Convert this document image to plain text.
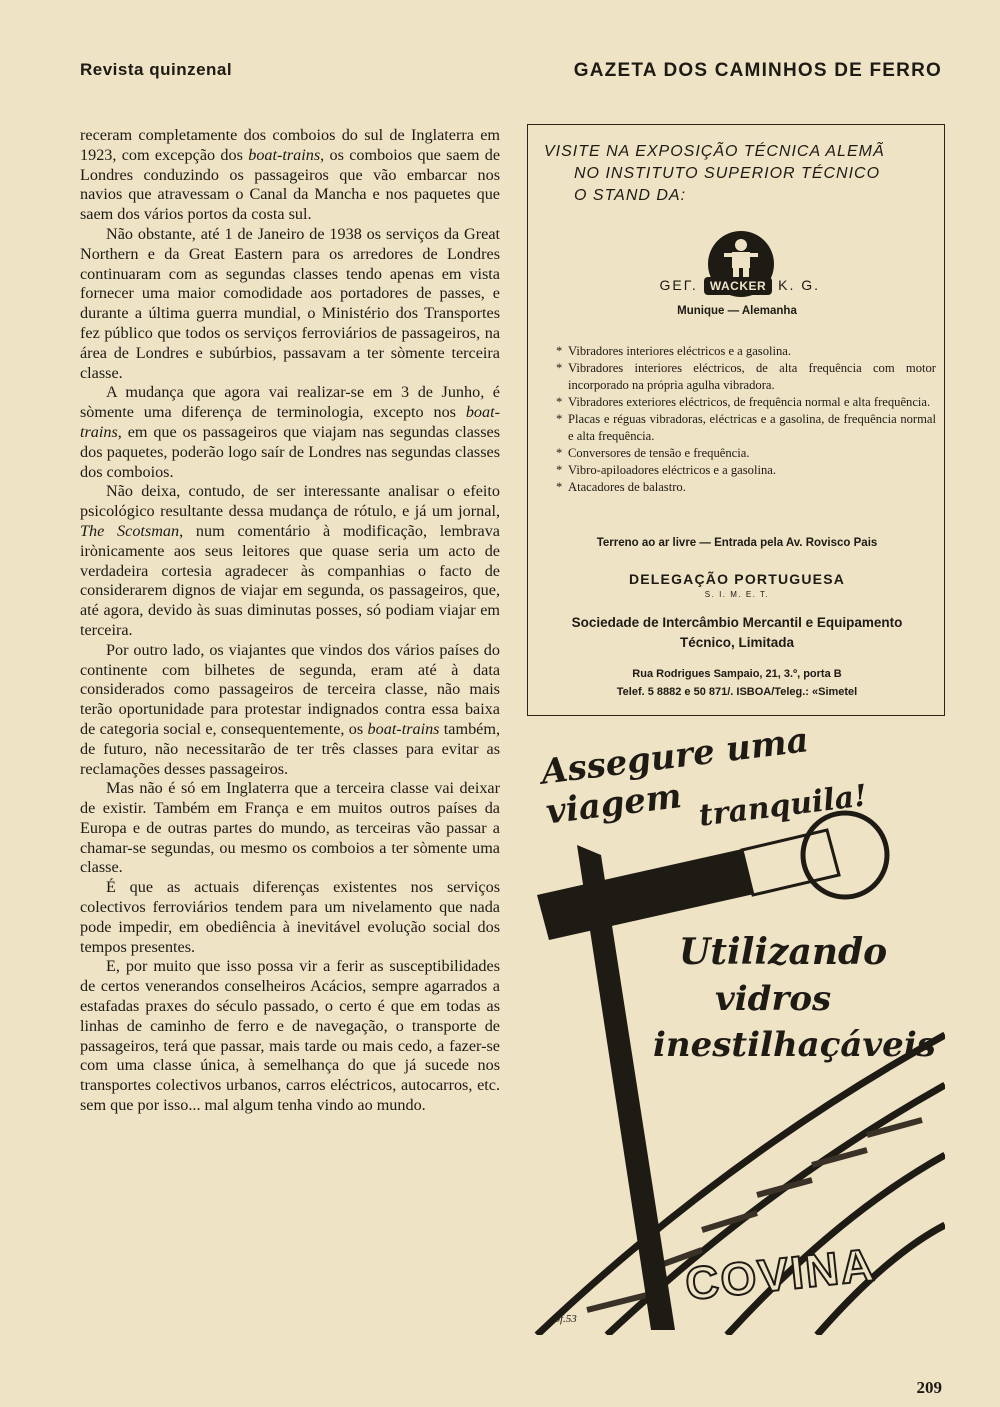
Revista quinzenal	GAZETA DOS CAMINHOS DE FERRO

receram completamente dos comboios do sul de Inglaterra em 1923, com excepção dos boat-trains, os comboios que saem de Londres conduzindo os passageiros que vão embarcar nos navios que atravessam o Canal da Mancha e nos paquetes que saem dos vários portos da costa sul.

Não obstante, até 1 de Janeiro de 1938 os serviços da Great Northern e da Great Eastern para os arredores de Londres continuaram com as segundas classes tendo apenas em vista fornecer uma maior comodidade aos portadores de passes, e durante a última guerra mundial, o Ministério dos Transportes fez público que todos os serviços ferroviários de passageiros, na área de Londres e subúrbios, passavam a ter sòmente terceira classe.

A mudança que agora vai realizar-se em 3 de Junho, é sòmente uma diferença de terminologia, excepto nos boat-trains, em que os passageiros que viajam nas segundas classes dos paquetes, poderão logo saír de Londres nas segundas classes dos comboios.

Não deixa, contudo, de ser interessante analisar o efeito psicológico resultante dessa mudança de rótulo, e já um jornal, The Scotsman, num comentário à modificação, lembrava irònicamente aos seus leitores que quase seria um acto de verdadeira cortesia agradecer às companhias o facto de considerarem dignos de viajar em segunda, os passageiros, que, até agora, devido às suas diminutas posses, só podiam viajar em terceira.

Por outro lado, os viajantes que vindos dos vários países do continente com bilhetes de segunda, eram até à data considerados como passageiros de terceira classe, não mais terão oportunidade para protestar indignados contra essa baixa de categoria social e, consequentemente, os boat-trains também, de futuro, não necessitarão de ter três classes para evitar as reclamações desses passageiros.

Mas não é só em Inglaterra que a terceira classe vai deixar de existir. Também em França e em muitos outros países da Europa e de outras partes do mundo, as terceiras vão passar a chamar-se segundas, ou mesmo os comboios a ter sòmente uma classe.

É que as actuais diferenças existentes nos serviços colectivos ferroviários tendem para um nivelamento que nada pode impedir, em obediência à inevitável evolução social dos tempos presentes.

E, por muito que isso possa vir a ferir as susceptibilidades de certos venerandos conselheiros Acácios, sempre agarrados a estafadas praxes do século passado, o certo é que em todas as linhas de caminho de ferro e de navegação, o transporte de passageiros, terá que passar, mais tarde ou mais cedo, a fazer-se com uma classe única, à semelhança do que já sucede nos transportes colectivos urbanos, carros eléctricos, autocarros, etc. sem que por isso... mal algum tenha vindo ao mundo.

VISITE NA EXPOSIÇÃO TÉCNICA ALEMÃ
NO INSTITUTO SUPERIOR TÉCNICO
O STAND DA:
GEΓ. WACKER K. G.
Munique — Alemanha
* Vibradores interiores eléctricos e a gasolina.
* Vibradores interiores eléctricos, de alta frequência com motor incorporado na própria agulha vibradora.
* Vibradores exteriores eléctricos, de frequência normal e alta frequência.
* Placas e réguas vibradoras, eléctricas e a gasolina, de frequência normal e alta frequência.
* Conversores de tensão e frequência.
* Vibro-apiloadores eléctricos e a gasolina.
* Atacadores de balastro.
Terreno ao ar livre — Entrada pela Av. Rovisco Pais
DELEGAÇÃO PORTUGUESA
S. I. M. E. T.
Sociedade de Intercâmbio Mercantil e Equipamento
Técnico, Limitada
Rua Rodrigues Sampaio, 21, 3.º, porta B
Telef. 5 8882 e 50 871/. ISBOA/Teleg.: «Simetel
Assegure uma viagem tranquila!
Utilizando
vidros
inestilhaçáveis
COVINA
aof.53
209
